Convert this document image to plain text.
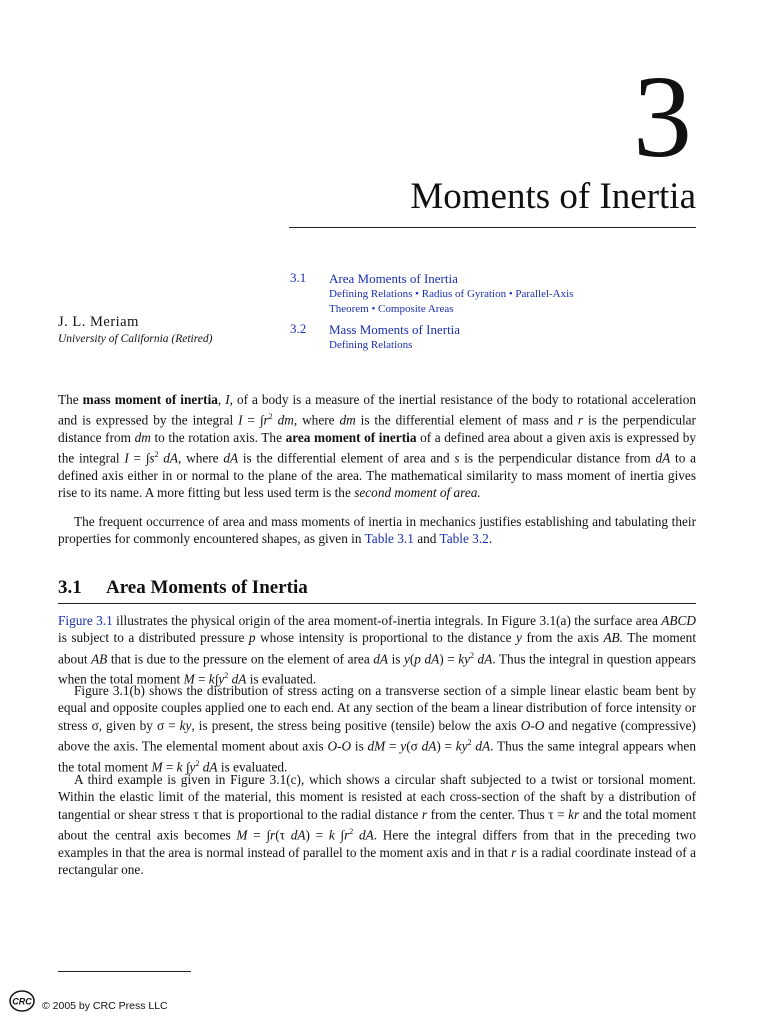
3
Moments of Inertia
3.1	Area Moments of Inertia
Defining Relations • Radius of Gyration • Parallel-Axis
Theorem • Composite Areas
3.2	Mass Moments of Inertia
Defining Relations
J. L. Meriam
University of California (Retired)
The mass moment of inertia, I, of a body is a measure of the inertial resistance of the body to rotational acceleration and is expressed by the integral $I = \int r^2$ dm, where dm is the differential element of mass and r is the perpendicular distance from dm to the rotation axis. The area moment of inertia of a defined area about a given axis is expressed by the integral $I = \int s^2$ dA, where dA is the differential element of area and s is the perpendicular distance from dA to a defined axis either in or normal to the plane of the area. The mathematical similarity to mass moment of inertia gives rise to its name. A more fitting but less used term is the second moment of area.
The frequent occurrence of area and mass moments of inertia in mechanics justifies establishing and tabulating their properties for commonly encountered shapes, as given in Table 3.1 and Table 3.2.
3.1 Area Moments of Inertia
Figure 3.1 illustrates the physical origin of the area moment-of-inertia integrals. In Figure 3.1(a) the surface area ABCD is subject to a distributed pressure p whose intensity is proportional to the distance y from the axis AB. The moment about AB that is due to the pressure on the element of area dA is y(p $dA) = ky^2$ dA. Thus the integral in question appears when the total moment $M = k\int y^2$ dA is evaluated.
Figure 3.1(b) shows the distribution of stress acting on a transverse section of a simple linear elastic beam bent by equal and opposite couples applied one to each end. At any section of the beam a linear distribution of force intensity or stress σ, given by σ = ky, is present, the stress being positive (tensile) below the axis O-O and negative (compressive) above the axis. The elemental moment about axis O-O is dM = y(σ $dA) = ky^2$ dA. Thus the same integral appears when the total moment M = k $\int y^2$ dA is evaluated.
A third example is given in Figure 3.1(c), which shows a circular shaft subjected to a twist or torsional moment. Within the elastic limit of the material, this moment is resisted at each cross-section of the shaft by a distribution of tangential or shear stress τ that is proportional to the radial distance r from the center. Thus τ = kr and the total moment about the central axis becomes M = ∫r(τ dA) = k $\int r^2$ dA. Here the integral differs from that in the preceding two examples in that the area is normal instead of parallel to the moment axis and in that r is a radial coordinate instead of a rectangular one.
CRC © 2005 by CRC Press LLC
